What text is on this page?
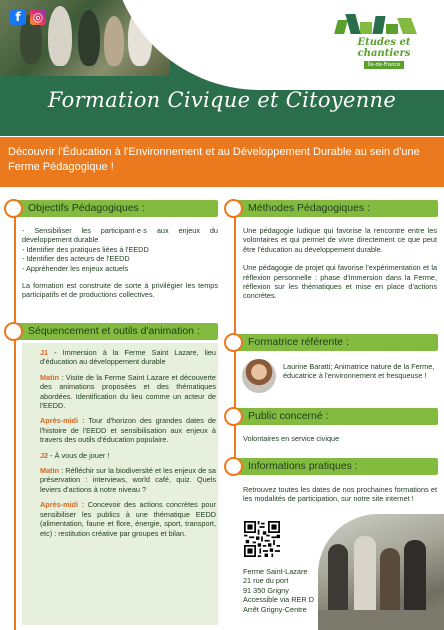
f	◎
Etudes et chantiers
Île-de-France
Formation Civique et Citoyenne
Découvrir l'Éducation à l'Environnement et au Développement Durable au sein d'une Ferme Pédagogique !
Objectifs Pédagogiques :
- Sensibiliser les participant·e·s aux enjeux du développement durable
- Identifier des pratiques liées à l'EEDD
- Identifier des acteurs de l'EEDD
- Appréhender les enjeux actuels
La formation est construite de sorte à privilégier les temps participatifs et de productions collectives.
Séquencement et outils d'animation :

J1 - Immersion à la Ferme Saint Lazare, lieu d'éducation au développement durable

Matin : Visite de la Ferme Saint Lazare et découverte des animations proposées et des thématiques abordées. Identification du lieu comme un acteur de l'EEDD.

Après-midi : Tour d'horizon des grandes dates de l'histoire de l'EEDD et sensibilisation aux enjeux à travers des outils d'éducation populaire.

J2 - À vous de jouer !

Matin : Réfléchir sur la biodiversité et les enjeux de sa préservation : interviews, world café, quiz. Quels leviers d'actions à notre niveau ?

Après-midi : Concevoir des actions concrètes pour sensibiliser les publics à une thématique EEDD (alimentation, faune et flore, énergie, sport, transport, etc) : restitution créative par groupes et bilan.

Méthodes Pédagogiques :

Une pédagogie ludique qui favorise la rencontre entre les volontaires et qui permet de vivre directement ce que peut être l'éducation au développement durable.

Une pédagogie de projet qui favorise l'expérimentation et la réflexion personnelle : phase d'immersion dans la Ferme, réflexion sur les thématiques et mise en place d'actions concrètes.

Formatrice référente :
Laurine Baratti; Animatrice nature de la Ferme, éducatrice à l'environnement et fresqueuse !
Public concerné :
Volontaires en service civique
Informations pratiques :
Retrouvez toutes les dates de nos prochaines formations et les modalités de participation, sur notre site internet !
Ferme Saint-Lazare
21 rue du port
91 350 Grigny
Accessible via RER D
Arrêt Grigny-Centre
